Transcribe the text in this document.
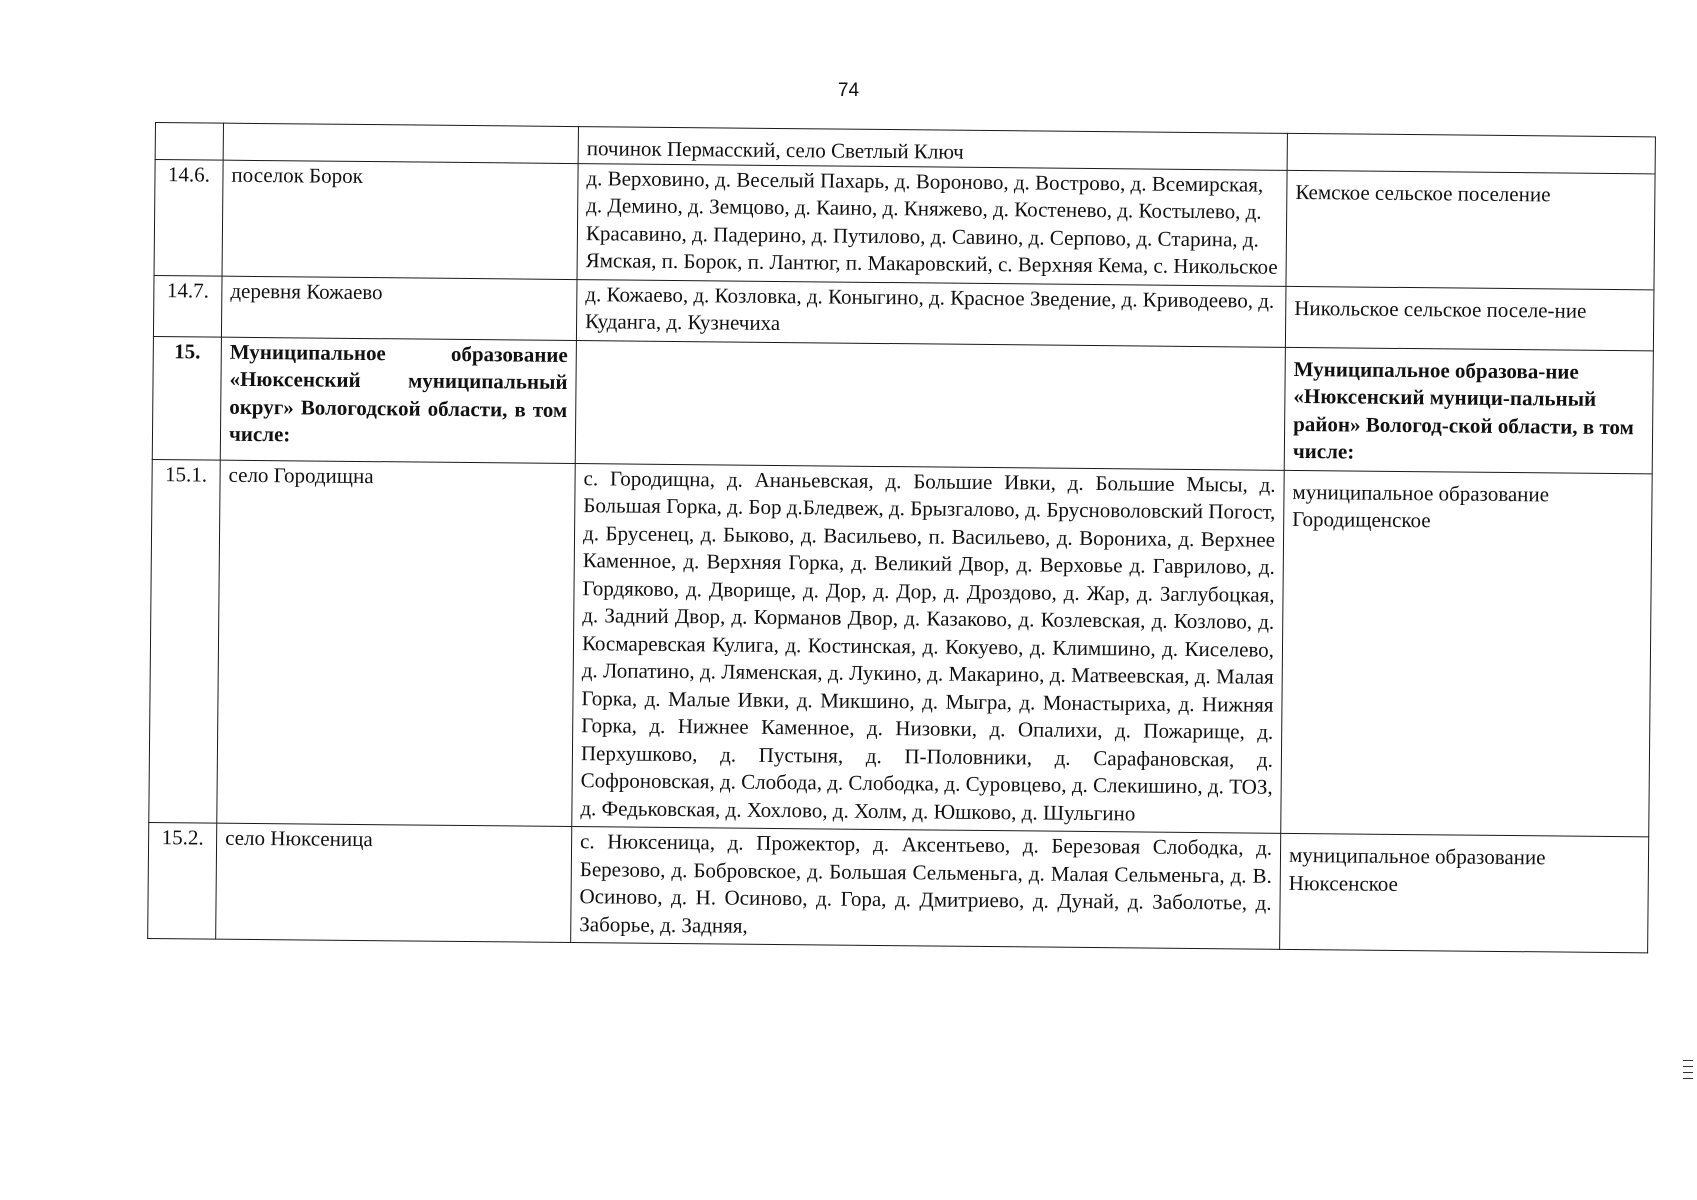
74
		починок Пермасский, село Светлый Ключ	
14.6.	поселок Борок	д. Верховино, д. Веселый Пахарь, д. Вороново, д. Вострово, д. Всемирская, д. Демино, д. Земцово, д. Каино, д. Княжево, д. Костенево, д. Костылево, д. Красавино, д. Падерино, д. Путилово, д. Савино, д. Серпово, д. Старина, д. Ямская, п. Борок, п. Лантюг, п. Макаровский, с. Верхняя Кема, с. Никольское	Кемское сельское поселение
14.7.	деревня Кожаево	д. Кожаево, д. Козловка, д. Коныгино, д. Красное Зведение, д. Криводеево, д. Куданга, д. Кузнечиха	Никольское сельское поселе-ние
15.	Муниципальное образование «Нюксенский муниципальный округ» Вологодской области, в том числе:		Муниципальное образова-ние «Нюксенский муници-пальный район» Вологод-ской области, в том числе:
15.1.	село Городищна	с. Городищна, д. Ананьевская, д. Большие Ивки, д. Большие Мысы, д. Большая Горка, д. Бор д.Бледвеж, д. Брызгалово, д. Брусноволовский Погост, д. Брусенец, д. Быково, д. Васильево, п. Васильево, д. Ворониха, д. Верхнее Каменное, д. Верхняя Горка, д. Великий Двор, д. Верховье д. Гаврилово, д. Гордяково, д. Дворище, д. Дор, д. Дор, д. Дроздово, д. Жар, д. Заглубоцкая, д. Задний Двор, д. Корманов Двор, д. Казаково, д. Козлевская, д. Козлово, д. Космаревская Кулига, д. Костинская, д. Кокуево, д. Климшино, д. Киселево, д. Лопатино, д. Ляменская, д. Лукино, д. Макарино, д. Матвеевская, д. Малая Горка, д. Малые Ивки, д. Микшино, д. Мыгра, д. Монастыриха, д. Нижняя Горка, д. Нижнее Каменное, д. Низовки, д. Опалихи, д. Пожарище, д. Перхушково, д. Пустыня, д. П-Половники, д. Сарафановская, д. Софроновская, д. Слобода, д. Слободка, д. Суровцево, д. Слекишино, д. ТОЗ, д. Федьковская, д. Хохлово, д. Холм, д. Юшково, д. Шульгино	муниципальное образование Городищенское
15.2.	село Нюксеница	с. Нюксеница, д. Прожектор, д. Аксентьево, д. Березовая Слободка, д. Березово, д. Бобровское, д. Большая Сельменьга, д. Малая Сельменьга, д. В. Осиново, д. Н. Осиново, д. Гора, д. Дмитриево, д. Дунай, д. Заболотье, д. Заборье, д. Задняя,	муниципальное образование Нюксенское
